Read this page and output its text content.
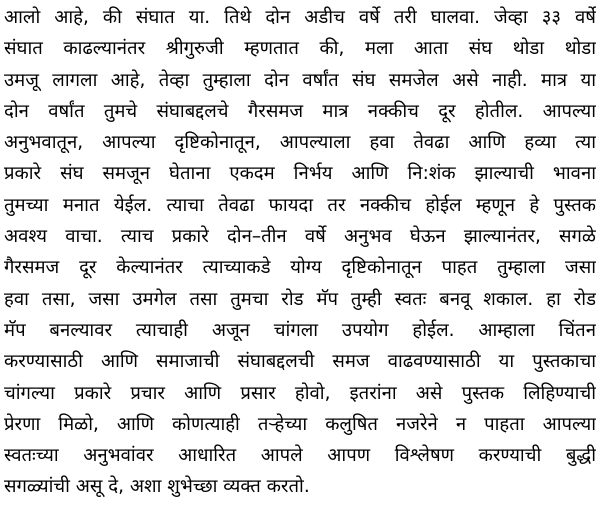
आलो आहे, की संघात या. तिथे दोन अडीच वर्षे तरी घालवा. जेव्हा ३३ वर्षे
संघात काढल्यानंतर श्रीगुरुजी म्हणतात की, मला आता संघ थोडा थोडा
उमजू लागला आहे, तेव्हा तुम्हाला दोन वर्षांत संघ समजेल असे नाही. मात्र या
दोन वर्षांत तुमचे संघाबद्दलचे गैरसमज मात्र नक्कीच दूर होतील. आपल्या
अनुभवातून, आपल्या दृष्टिकोनातून, आपल्याला हवा तेवढा आणि हव्या त्या
प्रकारे संघ समजून घेताना एकदम निर्भय आणि नि:शंक झाल्याची भावना
तुमच्या मनात येईल. त्याचा तेवढा फायदा तर नक्कीच होईल म्हणून हे पुस्तक
अवश्य वाचा. त्याच प्रकारे दोन–तीन वर्षे अनुभव घेऊन झाल्यानंतर, सगळे
गैरसमज दूर केल्यानंतर त्याच्याकडे योग्य दृष्टिकोनातून पाहत तुम्हाला जसा
हवा तसा, जसा उमगेल तसा तुमचा रोड मॅप तुम्ही स्वतः बनवू शकाल. हा रोड
मॅप बनल्यावर त्याचाही अजून चांगला उपयोग होईल. आम्हाला चिंतन
करण्यासाठी आणि समाजाची संघाबद्दलची समज वाढवण्यासाठी या पुस्तकाचा
चांगल्या प्रकारे प्रचार आणि प्रसार होवो, इतरांना असे पुस्तक लिहिण्याची
प्रेरणा मिळो, आणि कोणत्याही तऱ्हेच्या कलुषित नजरेने न पाहता आपल्या
स्वतःच्या अनुभवांवर आधारित आपले आपण विश्लेषण करण्याची बुद्धी
सगळ्यांची असू दे, अशा शुभेच्छा व्यक्त करतो.
